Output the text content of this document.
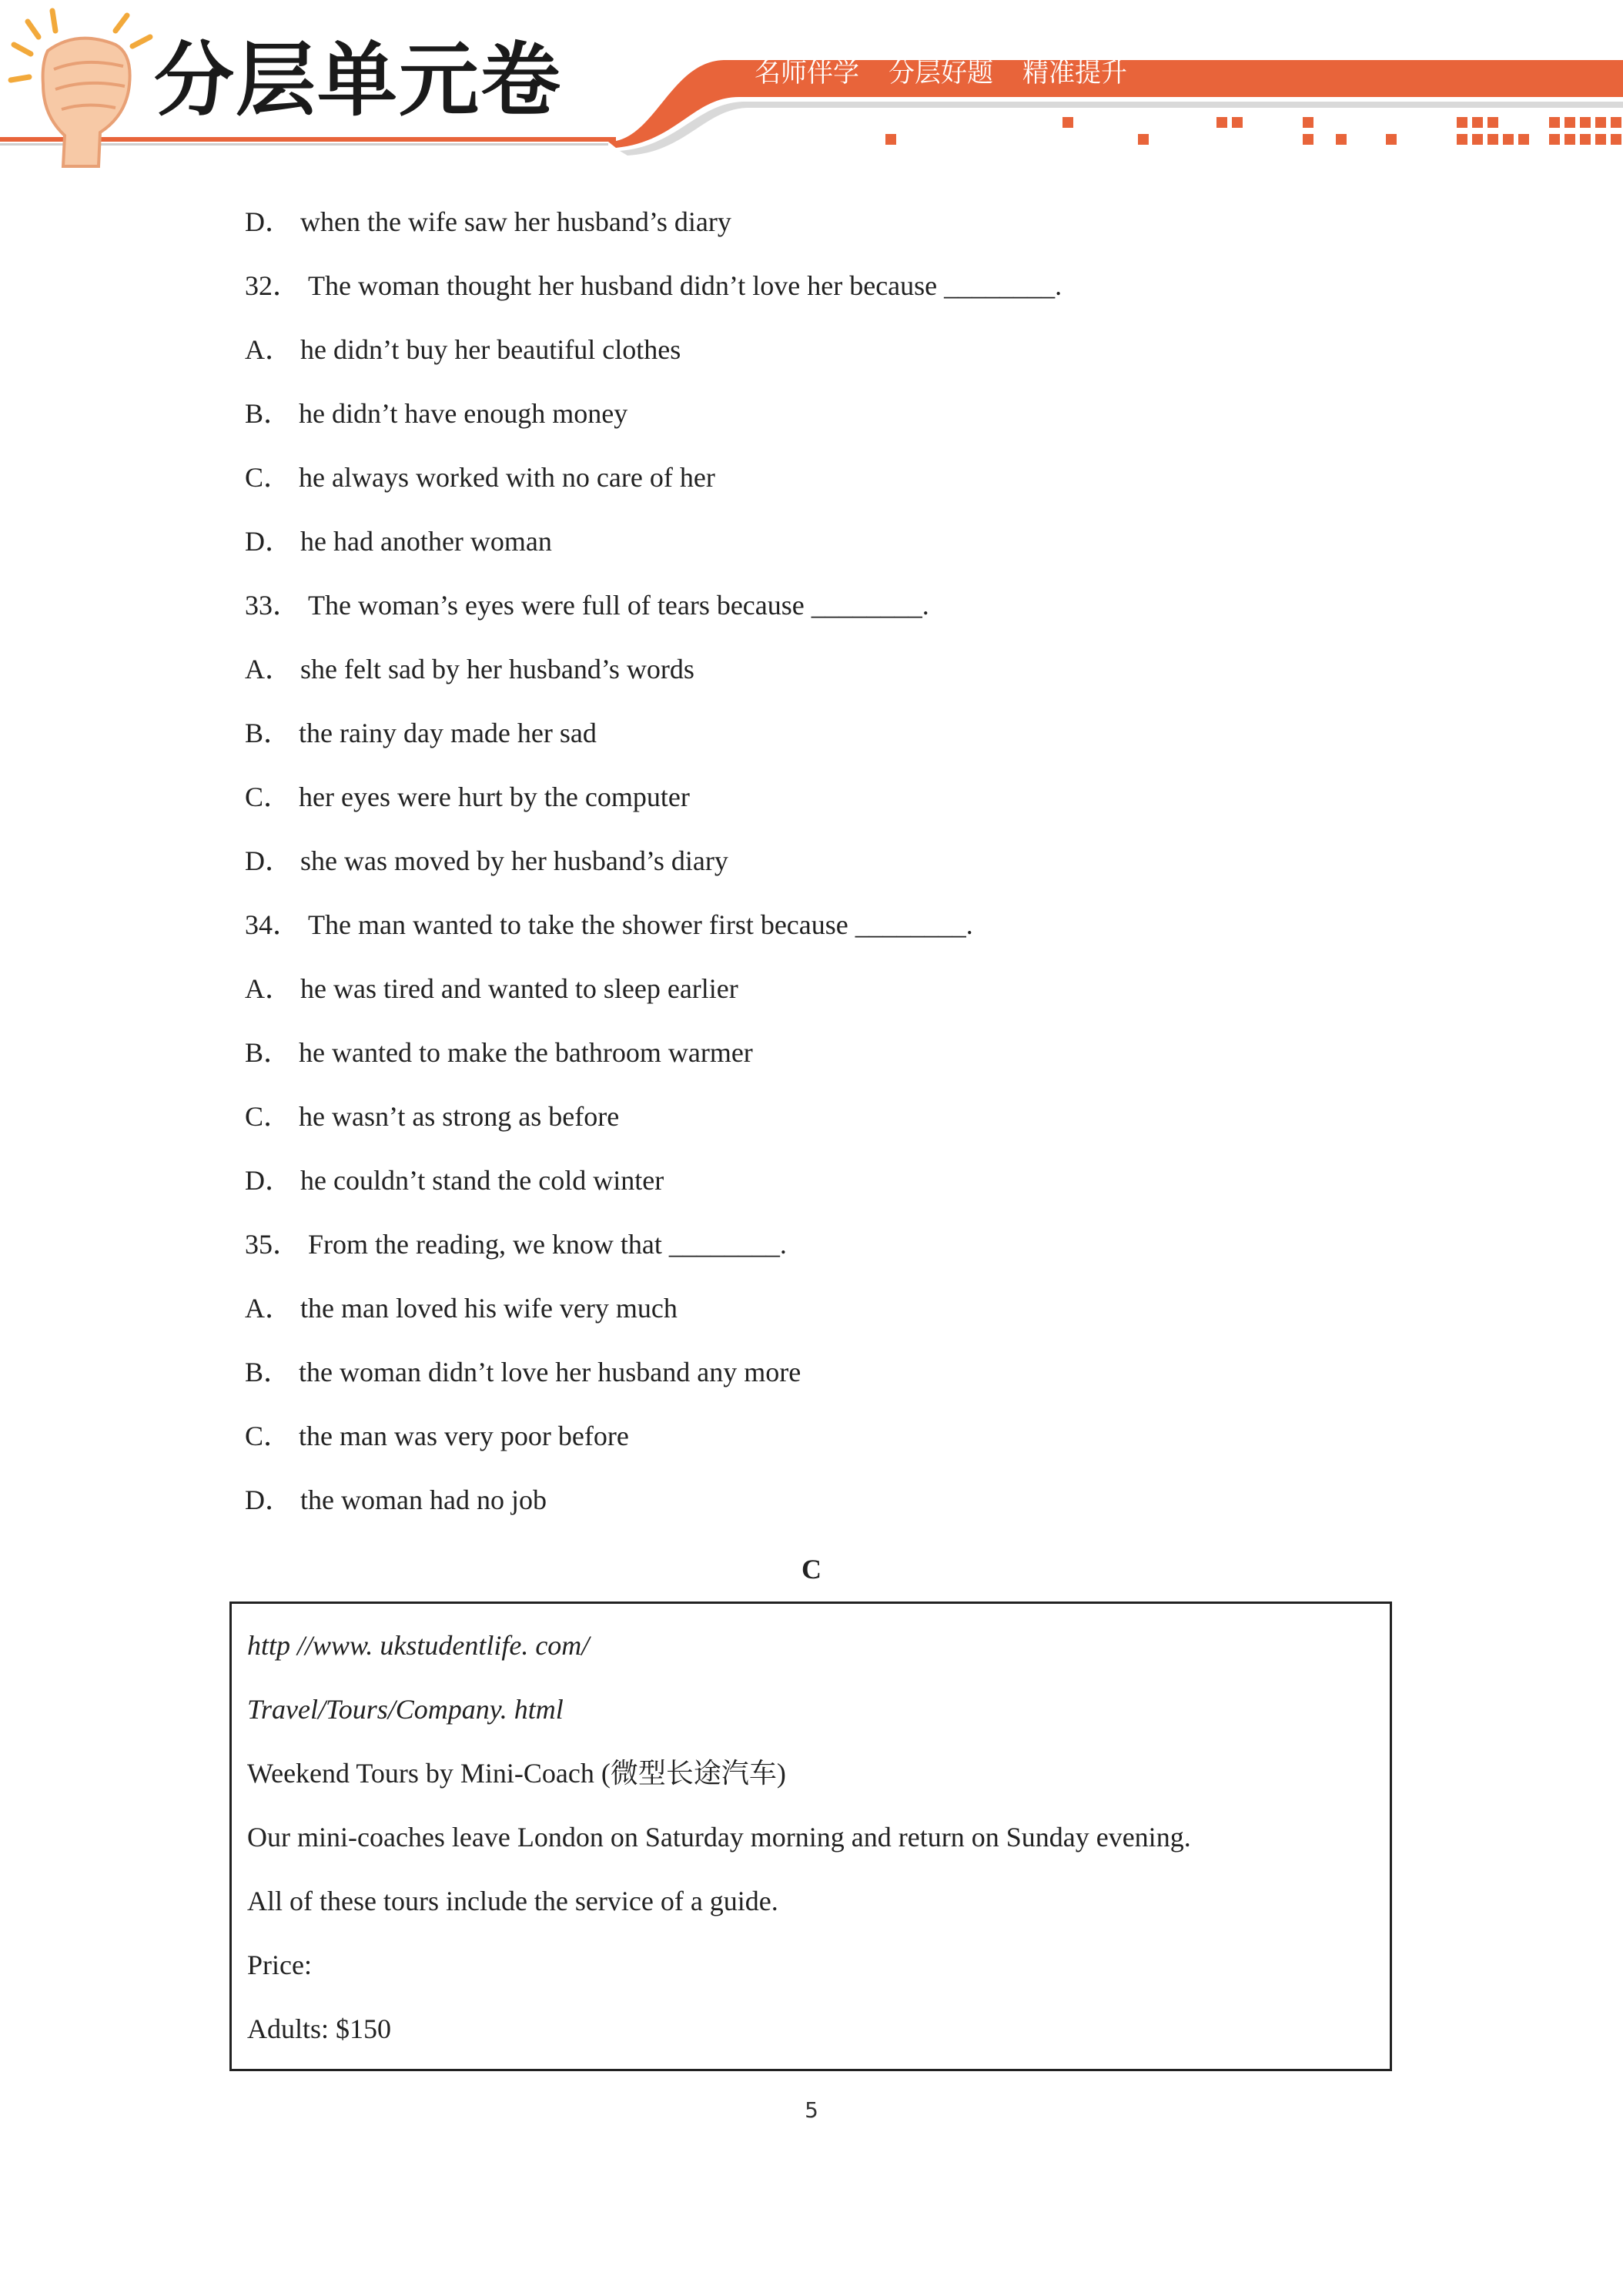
分层单元卷	名师伴学 分层好题 精准提升
D． when the wife saw her husband’s diary
32． The woman thought her husband didn’t love her because ________.
A． he didn’t buy her beautiful clothes
B． he didn’t have enough money
C． he always worked with no care of her
D． he had another woman
33． The woman’s eyes were full of tears because ________.
A． she felt sad by her husband’s words
B． the rainy day made her sad
C． her eyes were hurt by the computer
D． she was moved by her husband’s diary
34． The man wanted to take the shower first because ________.
A． he was tired and wanted to sleep earlier
B． he wanted to make the bathroom warmer
C． he wasn’t as strong as before
D． he couldn’t stand the cold winter
35． From the reading, we know that ________.
A． the man loved his wife very much
B． the woman didn’t love her husband any more
C． the man was very poor before
D． the woman had no job
C
http //www. ukstudentlife. com/
Travel/Tours/Company. html
Weekend Tours by Mini-Coach (微型长途汽车)
Our mini-coaches leave London on Saturday morning and return on Sunday evening.
All of these tours include the service of a guide.
Price:
Adults: $150
5
